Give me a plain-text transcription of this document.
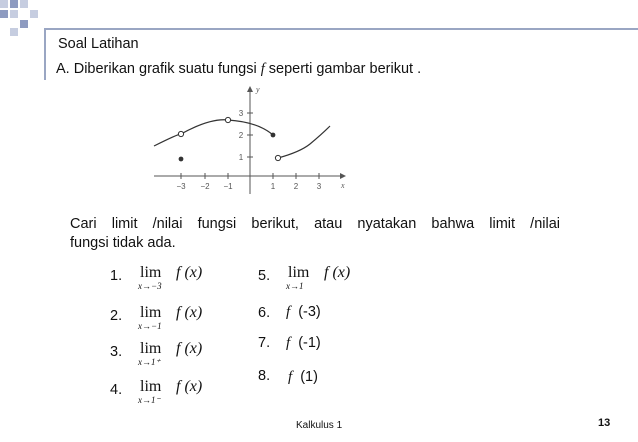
Soal Latihan
A. Diberikan grafik suatu fungsi f seperti gambar berikut .
−3 −2 −1	1 2 3
3
2
1
x
y
Cari limit /nilai fungsi berikut, atau nyatakan bahwa limit /nilai
fungsi tidak ada.
1. lim
x→−3
f (x)
2. lim
x→−1
f (x)
3. lim
x→1⁺
f (x)
4. lim
x→1⁻
f (x)
5. lim
x→1
f (x)
6. f (-3)
7. f (-1)
8. f (1)
Kalkulus 1	13
